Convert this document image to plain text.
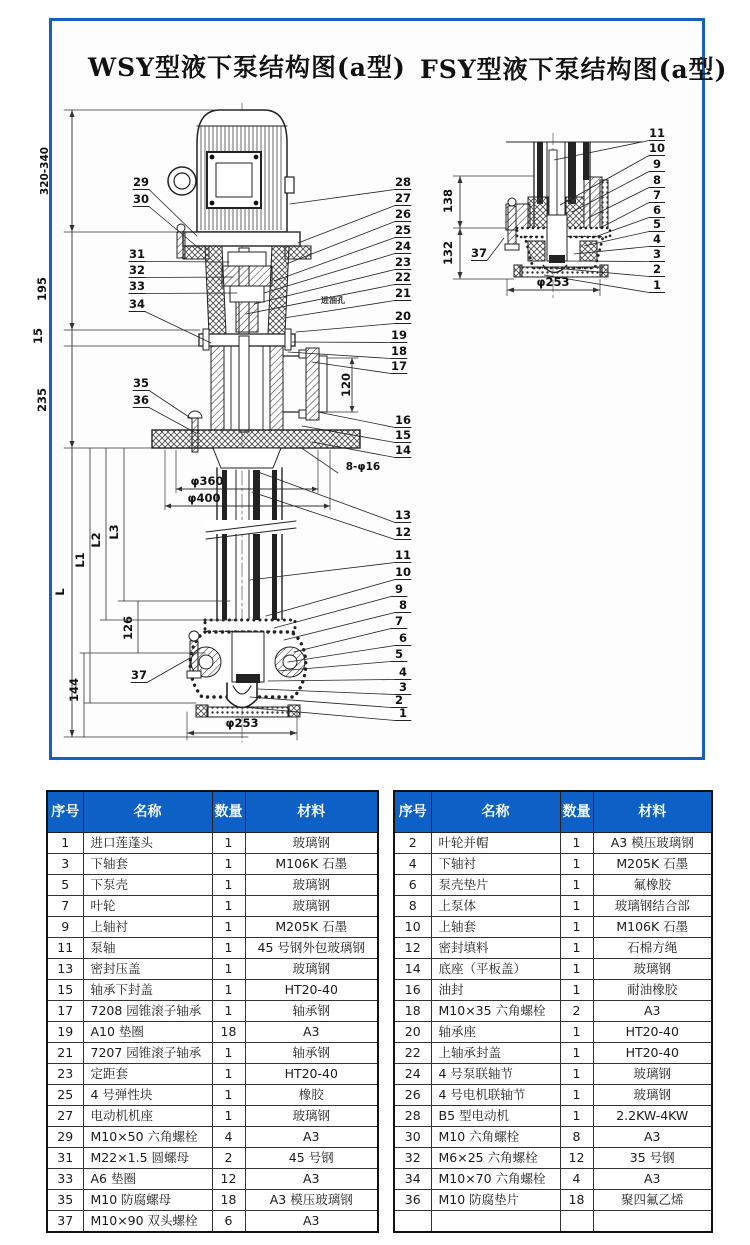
WSY型液下泵结构图(a型) FSY型液下泵结构图(a型)
29
30
31
32
33
34
35
36
37
28
27
26
25
24
23
22
21
20
19
18
17
16
15
14
13
12
11
10
9
8
7
6
5
4
3
2
1
320-340
195
15
235
L
L1
L2
L3
126
144
120
φ360
φ400
8-φ16
φ253
进油孔
37
11
10
9
8
7
6
5
4
3
2
1
138
132
φ253
序号	名称	数量	材料
1	进口莲蓬头	1	玻璃钢
3	下轴套	1	M106K 石墨
5	下泵壳	1	玻璃钢
7	叶轮	1	玻璃钢
9	上轴衬	1	M205K 石墨
11	泵轴	1	45 号钢外包玻璃钢
13	密封压盖	1	玻璃钢
15	轴承下封盖	1	HT20-40
17	7208 园锥滚子轴承	1	轴承钢
19	A10 垫圈	18	A3
21	7207 园锥滚子轴承	1	轴承钢
23	定距套	1	HT20-40
25	4 号弹性块	1	橡胶
27	电动机机座	1	玻璃钢
29	M10×50 六角螺栓	4	A3
31	M22×1.5 圆螺母	2	45 号钢
33	A6 垫圈	12	A3
35	M10 防腐螺母	18	A3 模压玻璃钢
37	M10×90 双头螺栓	6	A3
序号	名称	数量	材料
2	叶轮并帽	1	A3 模压玻璃钢
4	下轴衬	1	M205K 石墨
6	泵壳垫片	1	氟橡胶
8	上泵体	1	玻璃钢结合部
10	上轴套	1	M106K 石墨
12	密封填料	1	石棉方绳
14	底座（平板盖）	1	玻璃钢
16	油封	1	耐油橡胶
18	M10×35 六角螺栓	2	A3
20	轴承座	1	HT20-40
22	上轴承封盖	1	HT20-40
24	4 号泵联轴节	1	玻璃钢
26	4 号电机联轴节	1	玻璃钢
28	B5 型电动机	1	2.2KW-4KW
30	M10 六角螺栓	8	A3
32	M6×25 六角螺栓	12	35 号钢
34	M10×70 六角螺栓	4	A3
36	M10 防腐垫片	18	聚四氟乙烯
